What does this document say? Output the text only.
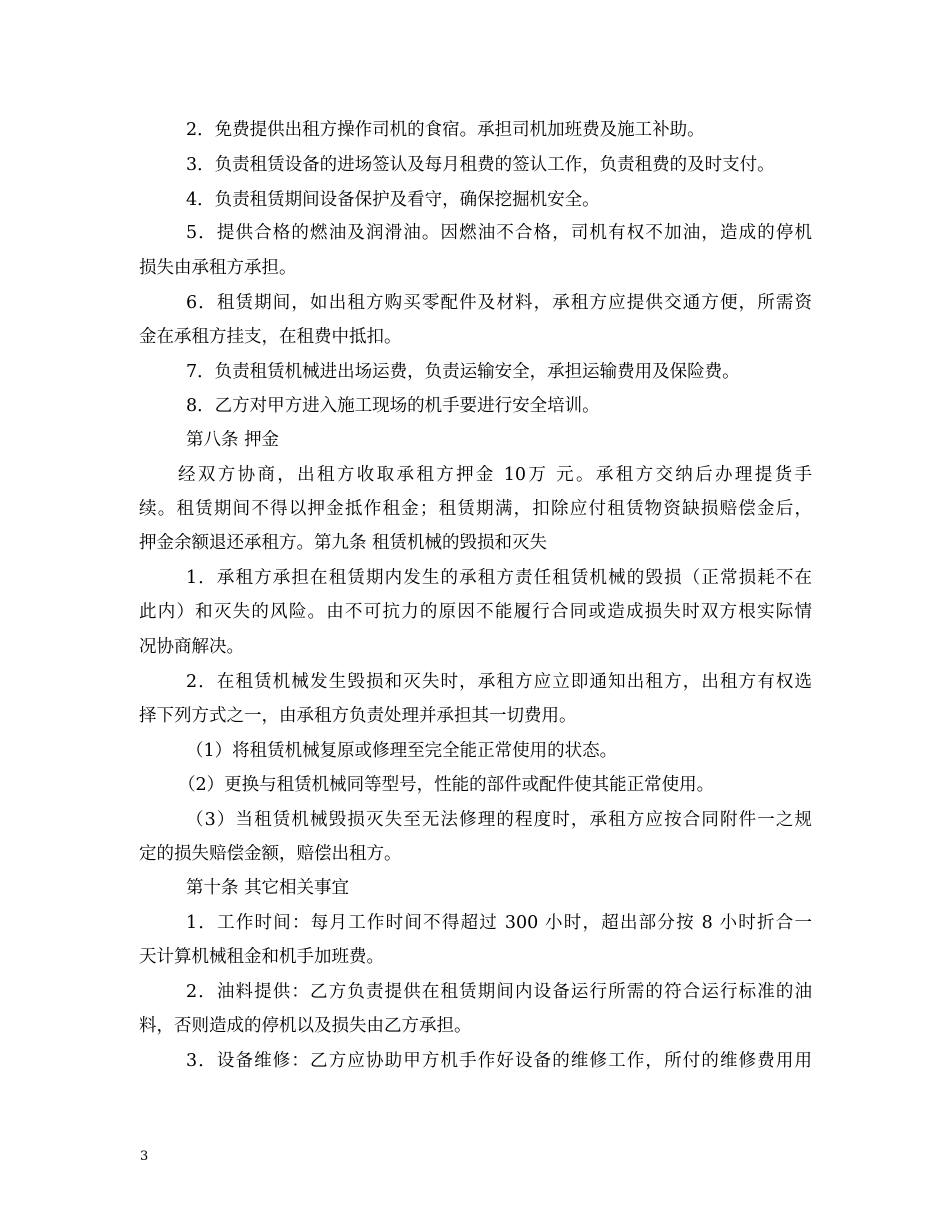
2．免费提供出租方操作司机的食宿。承担司机加班费及施工补助。
3．负责租赁设备的进场签认及每月租费的签认工作，负责租费的及时支付。
4．负责租赁期间设备保护及看守，确保挖掘机安全。
5．提供合格的燃油及润滑油。因燃油不合格，司机有权不加油，造成的停机
损失由承租方承担。
6．租赁期间，如出租方购买零配件及材料，承租方应提供交通方便，所需资
金在承租方挂支，在租费中抵扣。
7．负责租赁机械进出场运费，负责运输安全，承担运输费用及保险费。
8．乙方对甲方进入施工现场的机手要进行安全培训。
第八条 押金
经双方协商，出租方收取承租方押金 10万 元。承租方交纳后办理提货手
续。租赁期间不得以押金抵作租金；租赁期满，扣除应付租赁物资缺损赔偿金后，
押金余额退还承租方。第九条 租赁机械的毁损和灭失
1．承租方承担在租赁期内发生的承租方责任租赁机械的毁损（正常损耗不在
此内）和灭失的风险。由不可抗力的原因不能履行合同或造成损失时双方根实际情
况协商解决。
2．在租赁机械发生毁损和灭失时，承租方应立即通知出租方，出租方有权选
择下列方式之一，由承租方负责处理并承担其一切费用。
（1）将租赁机械复原或修理至完全能正常使用的状态。
（2）更换与租赁机械同等型号，性能的部件或配件使其能正常使用。
（3）当租赁机械毁损灭失至无法修理的程度时，承租方应按合同附件一之规
定的损失赔偿金额，赔偿出租方。
第十条 其它相关事宜
1．工作时间：每月工作时间不得超过 300 小时，超出部分按 8 小时折合一
天计算机械租金和机手加班费。
2．油料提供：乙方负责提供在租赁期间内设备运行所需的符合运行标准的油
料，否则造成的停机以及损失由乙方承担。
3．设备维修：乙方应协助甲方机手作好设备的维修工作，所付的维修费用用
3
